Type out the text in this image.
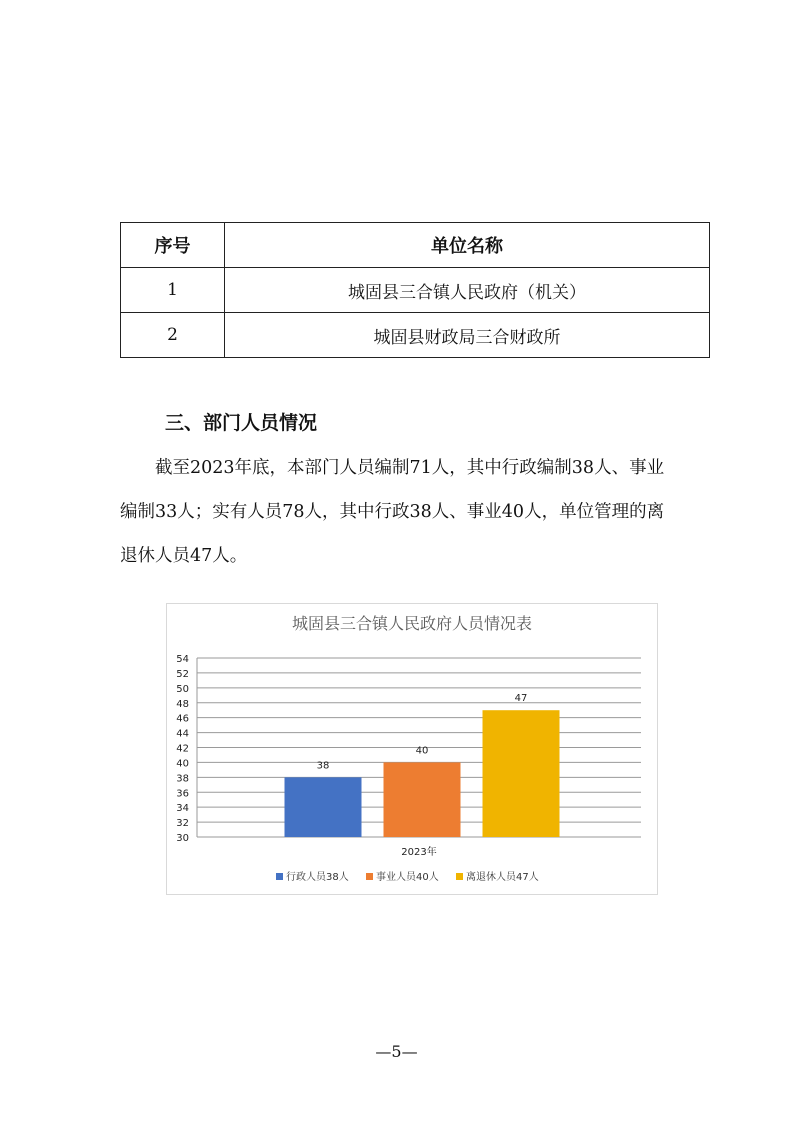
序号	单位名称
1	城固县三合镇人民政府（机关）
2	城固县财政局三合财政所
三、部门人员情况

截至2023年底，本部门人员编制71人，其中行政编制38人、事业编制33人；实有人员78人，其中行政38人、事业40人，单位管理的离退休人员47人。

城固县三合镇人民政府人员情况表
30
32
34
36
38
40
42
44
46
48
50
52
54
38
40
47
2023年
行政人员38人	事业人员40人	离退休人员47人
—5—
